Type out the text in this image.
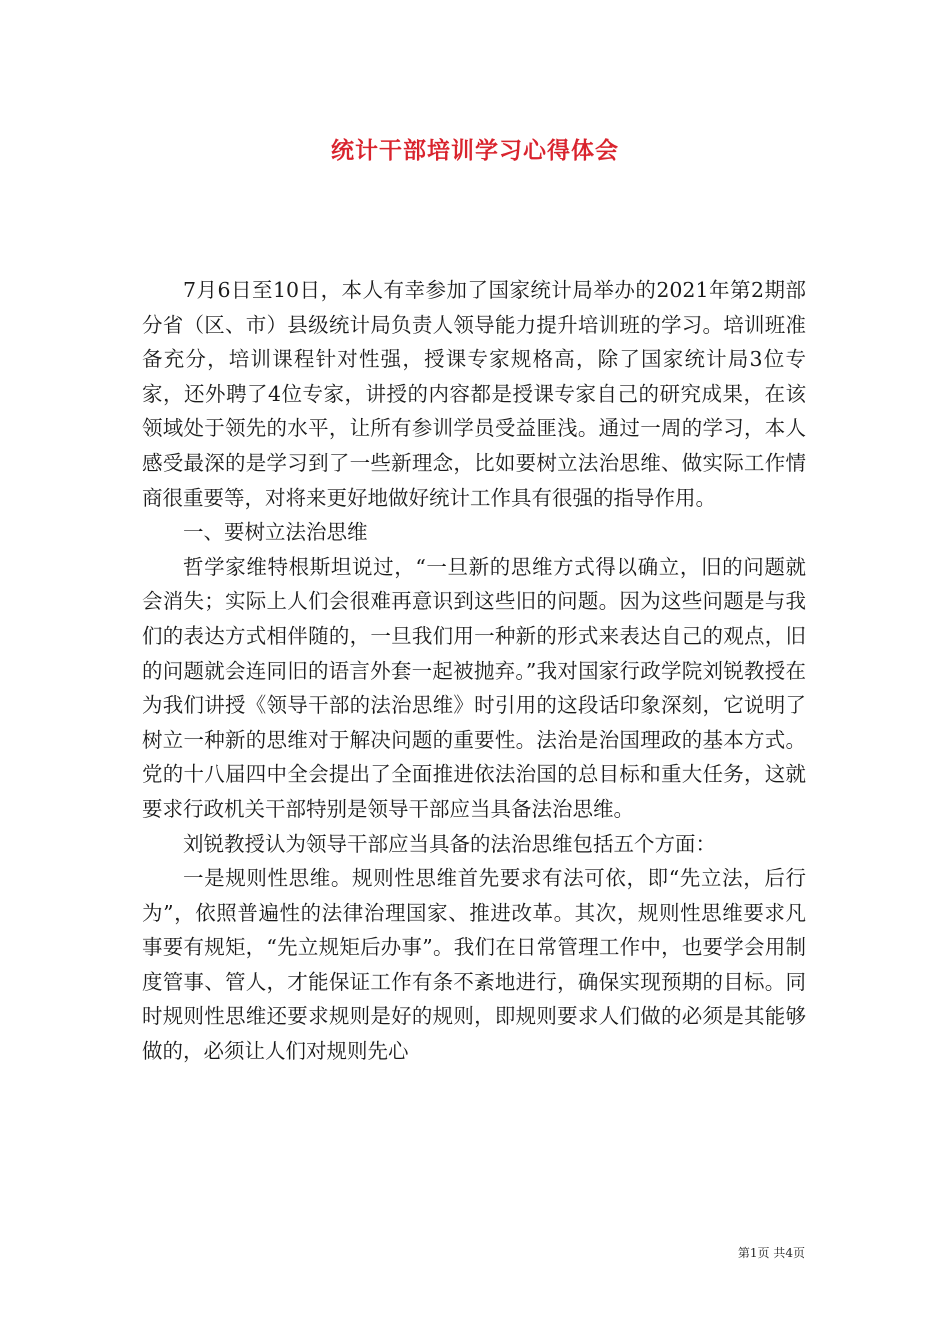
统计干部培训学习心得体会

7月6日至10日，本人有幸参加了国家统计局举办的2021年第2期部分省（区、市）县级统计局负责人领导能力提升培训班的学习。培训班准备充分，培训课程针对性强，授课专家规格高，除了国家统计局3位专家，还外聘了4位专家，讲授的内容都是授课专家自己的研究成果，在该领域处于领先的水平，让所有参训学员受益匪浅。通过一周的学习，本人感受最深的是学习到了一些新理念，比如要树立法治思维、做实际工作情商很重要等，对将来更好地做好统计工作具有很强的指导作用。

一、要树立法治思维

哲学家维特根斯坦说过，“一旦新的思维方式得以确立，旧的问题就会消失；实际上人们会很难再意识到这些旧的问题。因为这些问题是与我们的表达方式相伴随的，一旦我们用一种新的形式来表达自己的观点，旧的问题就会连同旧的语言外套一起被抛弃。”我对国家行政学院刘锐教授在为我们讲授《领导干部的法治思维》时引用的这段话印象深刻，它说明了树立一种新的思维对于解决问题的重要性。法治是治国理政的基本方式。党的十八届四中全会提出了全面推进依法治国的总目标和重大任务，这就要求行政机关干部特别是领导干部应当具备法治思维。

刘锐教授认为领导干部应当具备的法治思维包括五个方面：

一是规则性思维。规则性思维首先要求有法可依，即“先立法，后行为”，依照普遍性的法律治理国家、推进改革。其次，规则性思维要求凡事要有规矩，“先立规矩后办事”。我们在日常管理工作中，也要学会用制度管事、管人，才能保证工作有条不紊地进行，确保实现预期的目标。同时规则性思维还要求规则是好的规则，即规则要求人们做的必须是其能够做的，必须让人们对规则先心

第1页 共4页
